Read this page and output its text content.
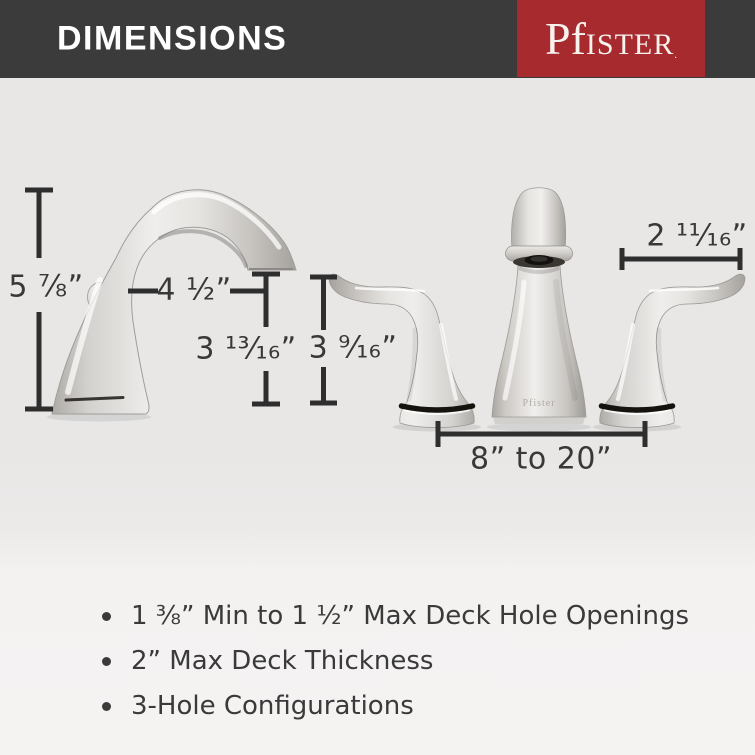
DIMENSIONS	Pf ISTER .
Pfister
5 ⅞” 4 ½”
3 ¹³⁄₁₆” 3 ⁹⁄₁₆”
2 ¹¹⁄₁₆”
8” to 20”
1 ⅜” Min to 1 ½” Max Deck Hole Openings
2” Max Deck Thickness
3-Hole Configurations
